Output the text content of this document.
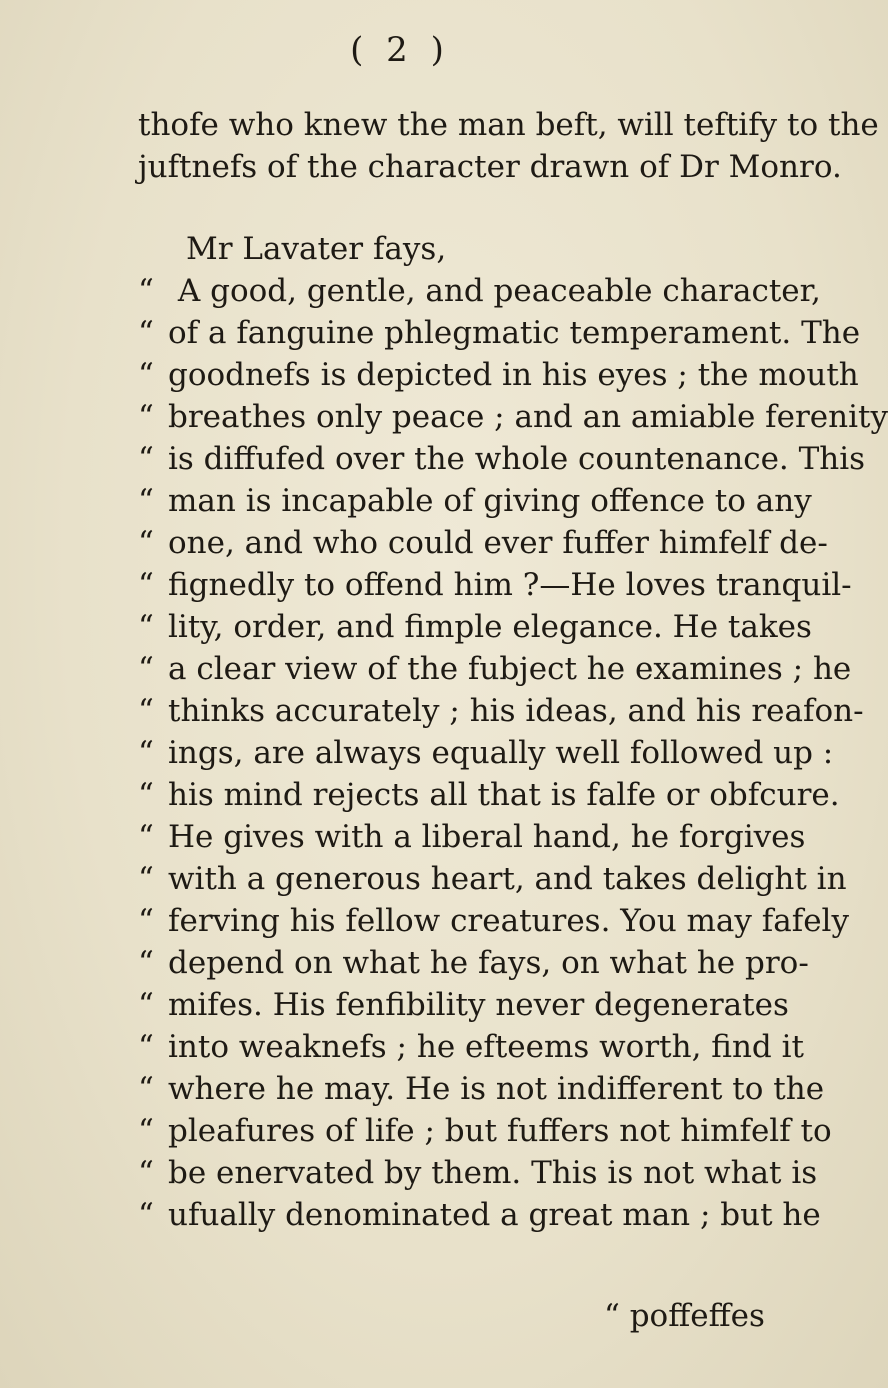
( 2 )
thofe who knew the man beft, will teftify to the
juftnefs of the character drawn of Dr Monro.
Mr Lavater fays,
“ A good, gentle, and peaceable character,
“ of a fanguine phlegmatic temperament. The
“ goodnefs is depicted in his eyes ; the mouth
“ breathes only peace ; and an amiable ferenity
“ is diffufed over the whole countenance. This
“ man is incapable of giving offence to any
“ one, and who could ever fuffer himfelf de-
“ fignedly to offend him ?—He loves tranquil-
“ lity, order, and fimple elegance. He takes
“ a clear view of the fubject he examines ; he
“ thinks accurately ; his ideas, and his reafon-
“ ings, are always equally well followed up :
“ his mind rejects all that is falfe or obfcure.
“ He gives with a liberal hand, he forgives
“ with a generous heart, and takes delight in
“ ferving his fellow creatures. You may fafely
“ depend on what he fays, on what he pro-
“ mifes. His fenfibility never degenerates
“ into weaknefs ; he efteems worth, find it
“ where he may. He is not indifferent to the
“ pleafures of life ; but fuffers not himfelf to
“ be enervated by them. This is not what is
“ ufually denominated a great man ; but he
“ poffeffes
